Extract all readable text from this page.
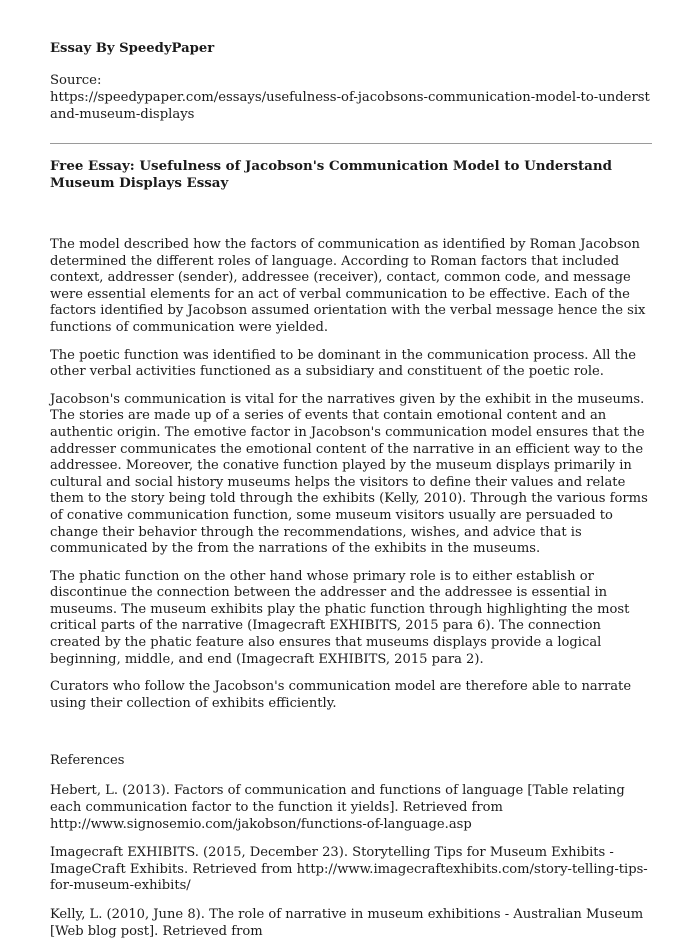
Essay By SpeedyPaper

Source:

https://speedypaper.com/essays/usefulness-of-jacobsons-communication-model-to-understand-museum-displays

Free Essay: Usefulness of Jacobson's Communication Model to Understand Museum Displays Essay

The model described how the factors of communication as identified by Roman Jacobson determined the different roles of language. According to Roman factors that included context, addresser (sender), addressee (receiver), contact, common code, and message were essential elements for an act of verbal communication to be effective. Each of the factors identified by Jacobson assumed orientation with the verbal message hence the six functions of communication were yielded.

The poetic function was identified to be dominant in the communication process. All the other verbal activities functioned as a subsidiary and constituent of the poetic role.

Jacobson's communication is vital for the narratives given by the exhibit in the museums. The stories are made up of a series of events that contain emotional content and an authentic origin. The emotive factor in Jacobson's communication model ensures that the addresser communicates the emotional content of the narrative in an efficient way to the addressee. Moreover, the conative function played by the museum displays primarily in cultural and social history museums helps the visitors to define their values and relate them to the story being told through the exhibits (Kelly, 2010). Through the various forms of conative communication function, some museum visitors usually are persuaded to change their behavior through the recommendations, wishes, and advice that is communicated by the from the narrations of the exhibits in the museums.

The phatic function on the other hand whose primary role is to either establish or discontinue the connection between the addresser and the addressee is essential in museums. The museum exhibits play the phatic function through highlighting the most critical parts of the narrative (Imagecraft EXHIBITS, 2015 para 6). The connection created by the phatic feature also ensures that museums displays provide a logical beginning, middle, and end (Imagecraft EXHIBITS, 2015 para 2).

Curators who follow the Jacobson's communication model are therefore able to narrate using their collection of exhibits efficiently.

References

Hebert, L. (2013). Factors of communication and functions of language [Table relating each communication factor to the function it yields]. Retrieved from http://www.signosemio.com/jakobson/functions-of-language.asp

Imagecraft EXHIBITS. (2015, December 23). Storytelling Tips for Museum Exhibits - ImageCraft Exhibits. Retrieved from http://www.imagecraftexhibits.com/story-telling-tips-for-museum-exhibits/

Kelly, L. (2010, June 8). The role of narrative in museum exhibitions - Australian Museum [Web blog post]. Retrieved from
